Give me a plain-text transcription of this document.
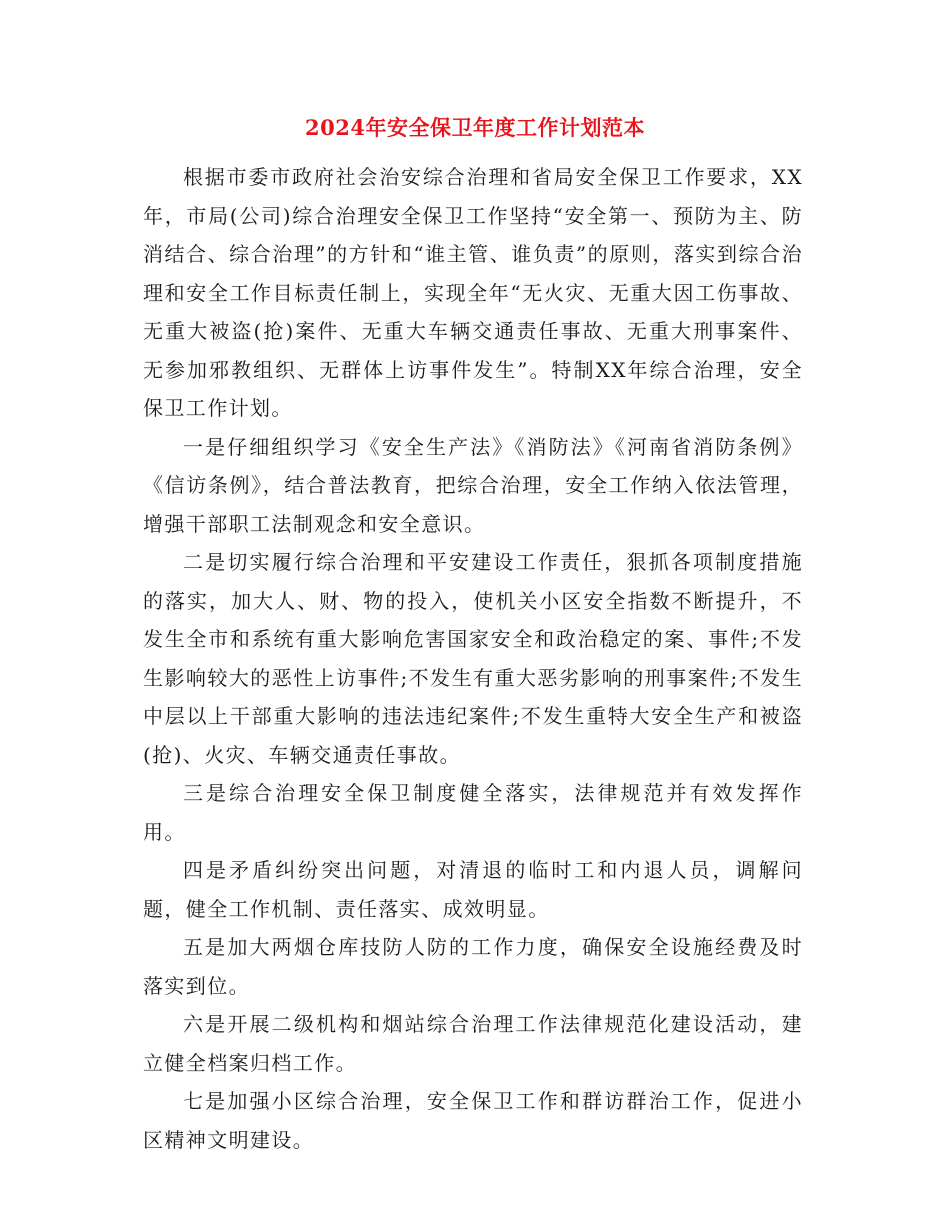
2024年安全保卫年度工作计划范本

根据市委市政府社会治安综合治理和省局安全保卫工作要求，XX年，市局(公司)综合治理安全保卫工作坚持“安全第一、预防为主、防消结合、综合治理”的方针和“谁主管、谁负责”的原则，落实到综合治理和安全工作目标责任制上，实现全年“无火灾、无重大因工伤事故、无重大被盗(抢)案件、无重大车辆交通责任事故、无重大刑事案件、无参加邪教组织、无群体上访事件发生”。特制XX年综合治理，安全保卫工作计划。

一是仔细组织学习《安全生产法》《消防法》《河南省消防条例》《信访条例》，结合普法教育，把综合治理，安全工作纳入依法管理，增强干部职工法制观念和安全意识。

二是切实履行综合治理和平安建设工作责任，狠抓各项制度措施的落实，加大人、财、物的投入，使机关小区安全指数不断提升，不发生全市和系统有重大影响危害国家安全和政治稳定的案、事件;不发生影响较大的恶性上访事件;不发生有重大恶劣影响的刑事案件;不发生中层以上干部重大影响的违法违纪案件;不发生重特大安全生产和被盗(抢)、火灾、车辆交通责任事故。

三是综合治理安全保卫制度健全落实，法律规范并有效发挥作用。

四是矛盾纠纷突出问题，对清退的临时工和内退人员，调解问题，健全工作机制、责任落实、成效明显。

五是加大两烟仓库技防人防的工作力度，确保安全设施经费及时落实到位。

六是开展二级机构和烟站综合治理工作法律规范化建设活动，建立健全档案归档工作。

七是加强小区综合治理，安全保卫工作和群访群治工作，促进小区精神文明建设。
